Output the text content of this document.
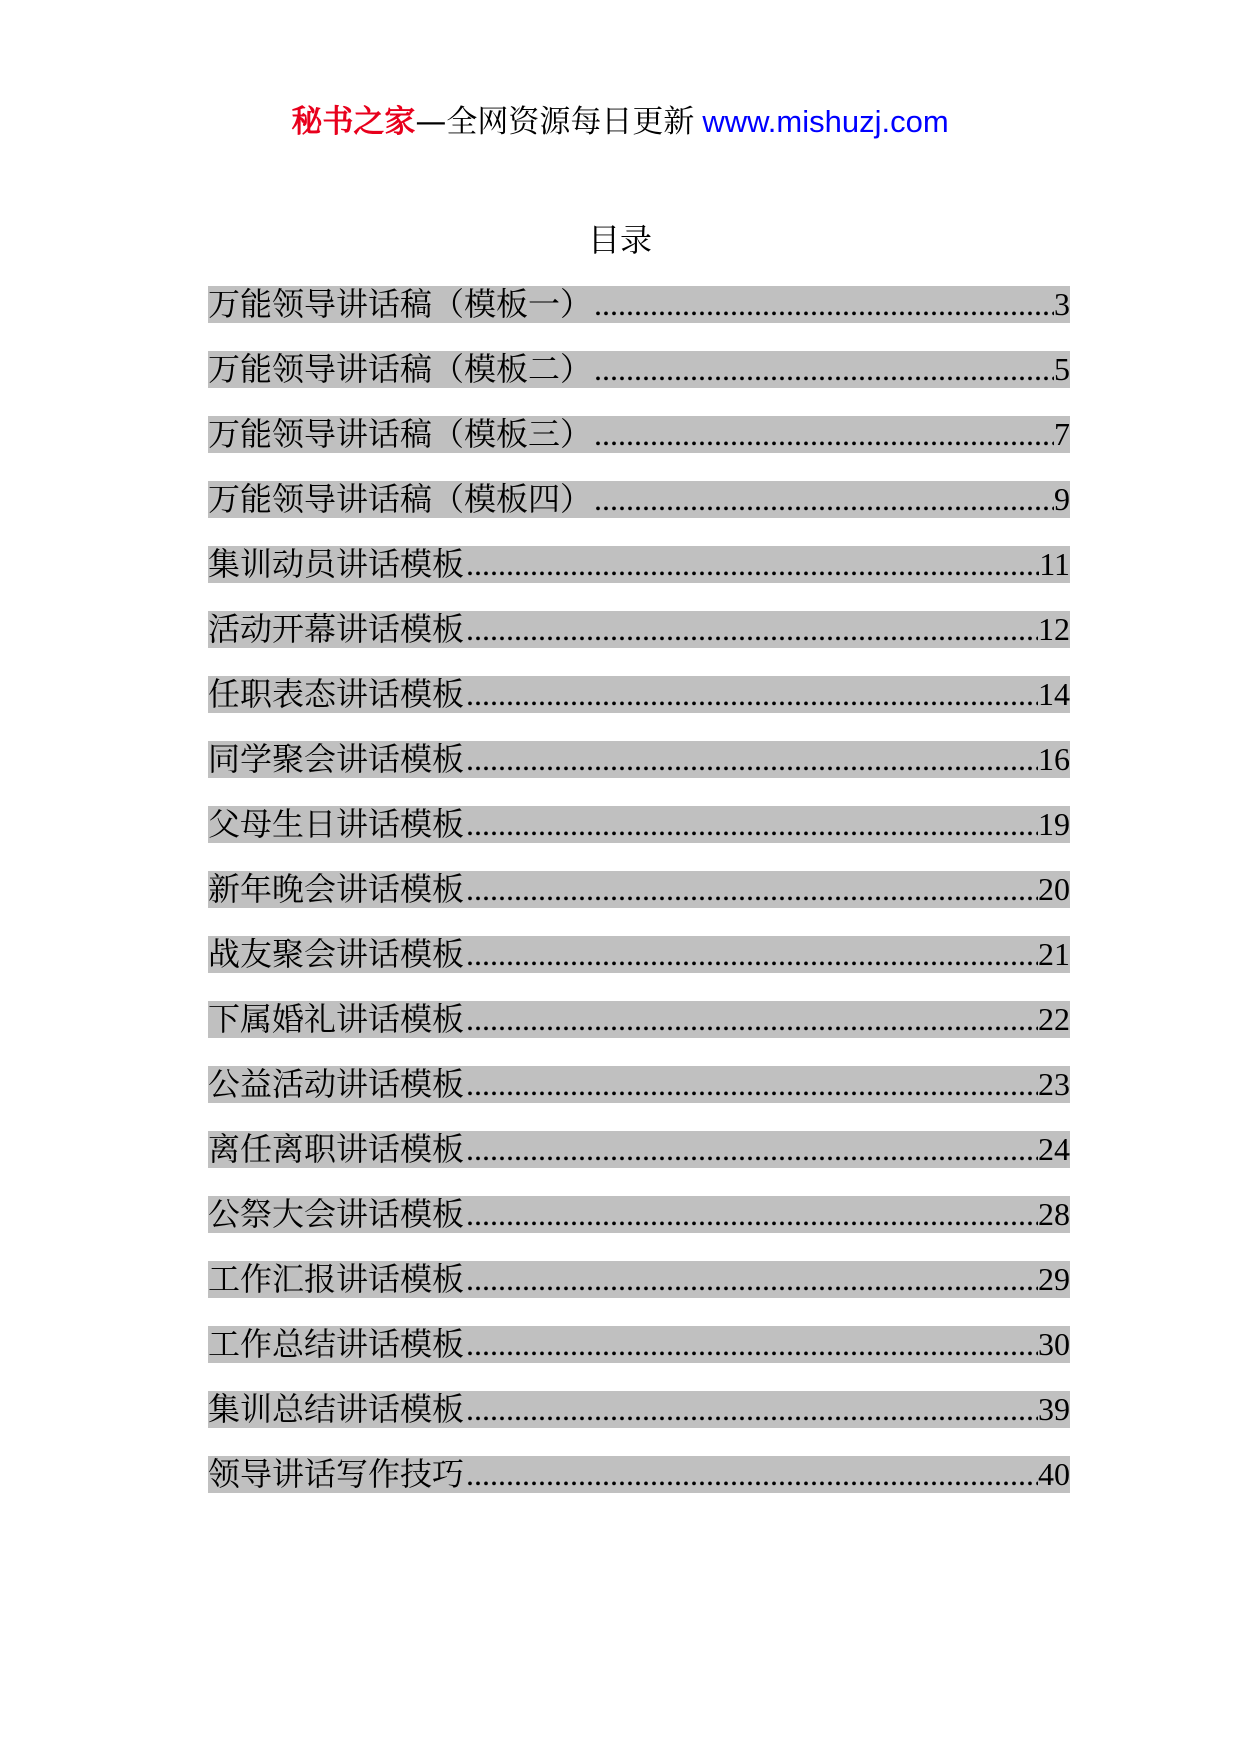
秘书之家—全网资源每日更新 www.mishuzj.com
目录
万能领导讲话稿（模板一） .....	3
万能领导讲话稿（模板二） .....	5
万能领导讲话稿（模板三） .....	7
万能领导讲话稿（模板四） .....	9
集训动员讲话模板 .....	11
活动开幕讲话模板 .....	12
任职表态讲话模板 .....	14
同学聚会讲话模板 .....	16
父母生日讲话模板 .....	19
新年晚会讲话模板 .....	20
战友聚会讲话模板 .....	21
下属婚礼讲话模板 .....	22
公益活动讲话模板 .....	23
离任离职讲话模板 .....	24
公祭大会讲话模板 .....	28
工作汇报讲话模板 .....	29
工作总结讲话模板 .....	30
集训总结讲话模板 .....	39
领导讲话写作技巧 .....	40
